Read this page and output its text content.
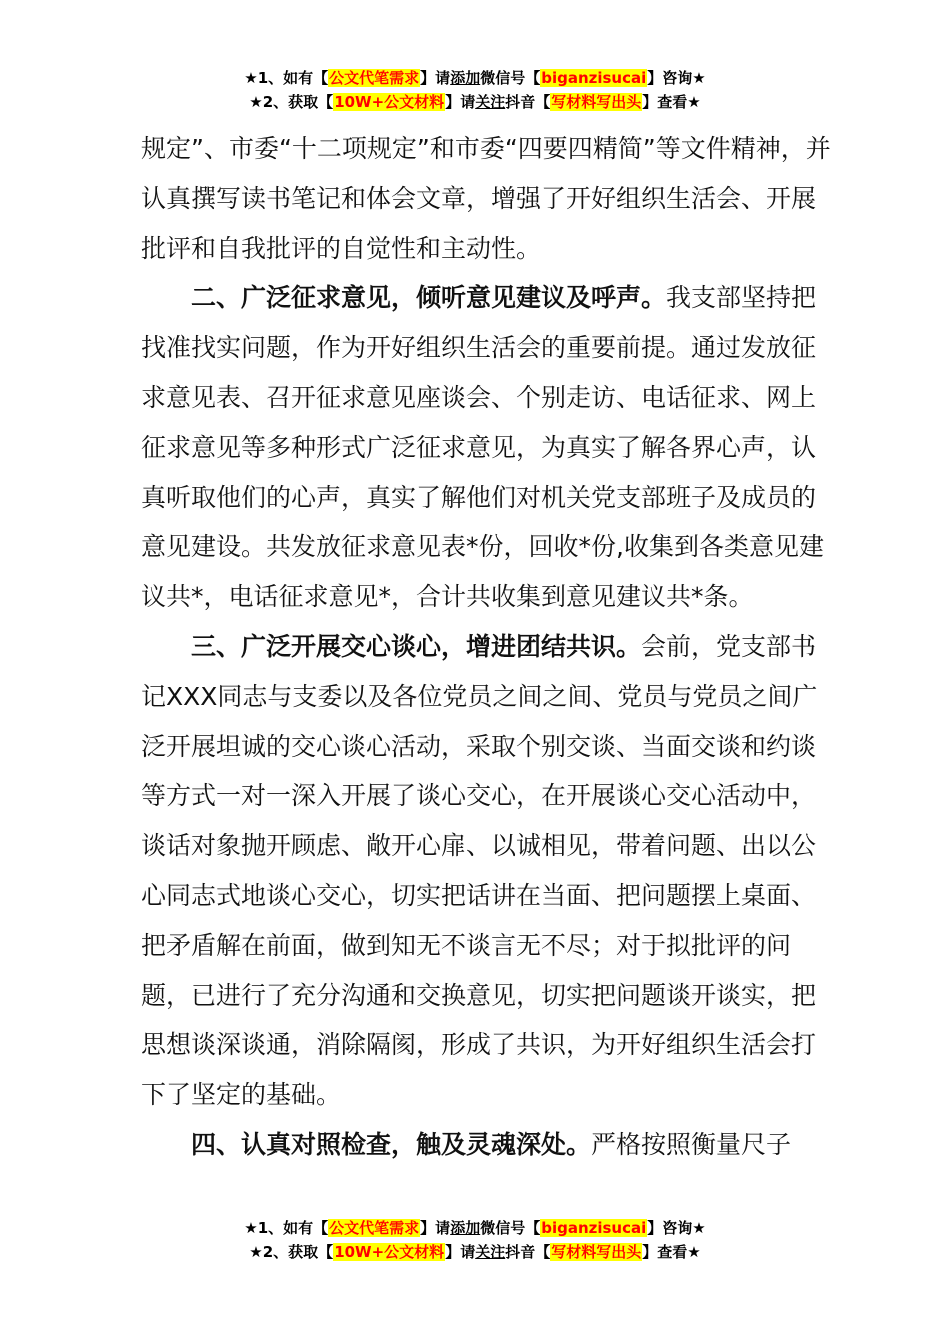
★1、如有【公文代笔需求】请添加微信号【biganzisucai】咨询★
★2、获取【10W+公文材料】请关注抖音【写材料写出头】查看★

规定”、市委“十二项规定”和市委“四要四精简”等文件精神，并认真撰写读书笔记和体会文章，增强了开好组织生活会、开展批评和自我批评的自觉性和主动性。

二、广泛征求意见，倾听意见建议及呼声。我支部坚持把找准找实问题，作为开好组织生活会的重要前提。通过发放征求意见表、召开征求意见座谈会、个别走访、电话征求、网上征求意见等多种形式广泛征求意见，为真实了解各界心声，认真听取他们的心声，真实了解他们对机关党支部班子及成员的意见建设。共发放征求意见表*份，回收*份,收集到各类意见建议共*，电话征求意见*，合计共收集到意见建议共*条。

三、广泛开展交心谈心，增进团结共识。会前，党支部书记XXX同志与支委以及各位党员之间之间、党员与党员之间广泛开展坦诚的交心谈心活动，采取个别交谈、当面交谈和约谈等方式一对一深入开展了谈心交心，在开展谈心交心活动中，谈话对象抛开顾虑、敞开心扉、以诚相见，带着问题、出以公心同志式地谈心交心，切实把话讲在当面、把问题摆上桌面、把矛盾解在前面，做到知无不谈言无不尽；对于拟批评的问题，已进行了充分沟通和交换意见，切实把问题谈开谈实，把思想谈深谈通，消除隔阂，形成了共识，为开好组织生活会打下了坚定的基础。

四、认真对照检查，触及灵魂深处。严格按照衡量尺子

★1、如有【公文代笔需求】请添加微信号【biganzisucai】咨询★
★2、获取【10W+公文材料】请关注抖音【写材料写出头】查看★
